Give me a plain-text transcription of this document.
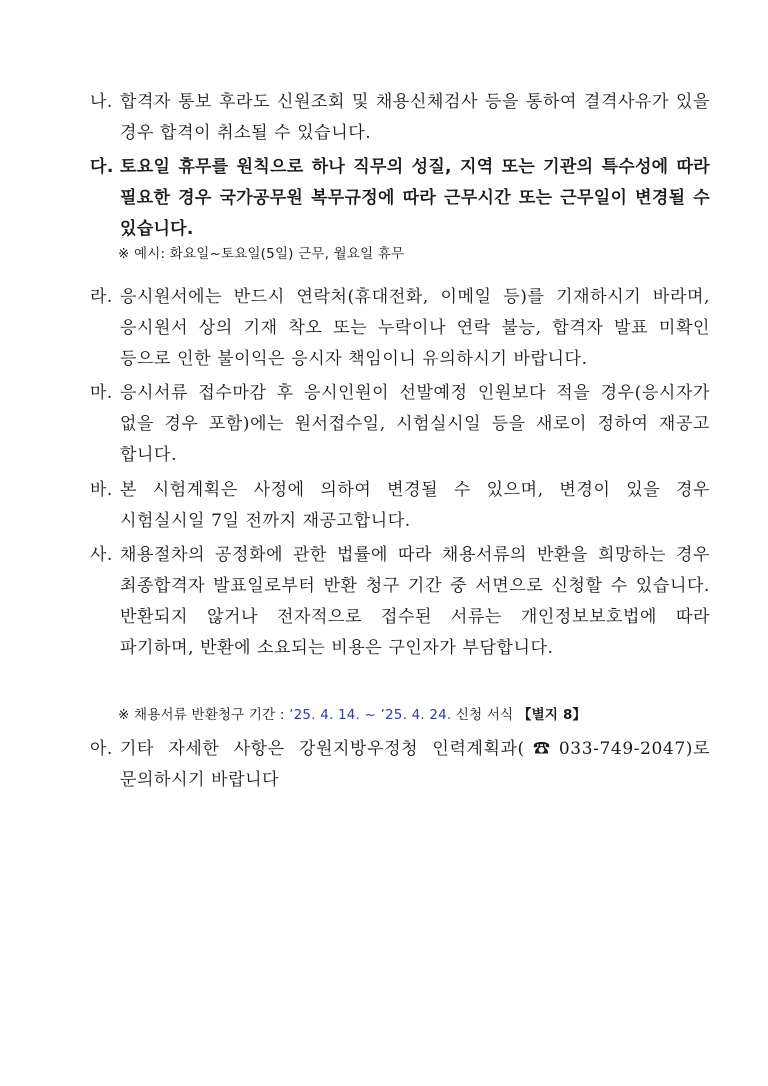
나. 합격자 통보 후라도 신원조회 및 채용신체검사 등을 통하여 결격사유가 있을 경우 합격이 취소될 수 있습니다.
다. 토요일 휴무를 원칙으로 하나 직무의 성질, 지역 또는 기관의 특수성에 따라 필요한 경우 국가공무원 복무규정에 따라 근무시간 또는 근무일이 변경될 수 있습니다.
※ 예시: 화요일~토요일(5일) 근무, 월요일 휴무
라. 응시원서에는 반드시 연락처(휴대전화, 이메일 등)를 기재하시기 바라며, 응시원서 상의 기재 착오 또는 누락이나 연락 불능, 합격자 발표 미확인 등으로 인한 불이익은 응시자 책임이니 유의하시기 바랍니다.
마. 응시서류 접수마감 후 응시인원이 선발예정 인원보다 적을 경우(응시자가 없을 경우 포함)에는 원서접수일, 시험실시일 등을 새로이 정하여 재공고 합니다.
바. 본 시험계획은 사정에 의하여 변경될 수 있으며, 변경이 있을 경우 시험실시일 7일 전까지 재공고합니다.
사. 채용절차의 공정화에 관한 법률에 따라 채용서류의 반환을 희망하는 경우 최종합격자 발표일로부터 반환 청구 기간 중 서면으로 신청할 수 있습니다. 반환되지 않거나 전자적으로 접수된 서류는 개인정보보호법에 따라 파기하며, 반환에 소요되는 비용은 구인자가 부담합니다.
※ 채용서류 반환청구 기간 : ’25. 4. 14. ~ ’25. 4. 24. 신청 서식 【별지 8】
아. 기타 자세한 사항은 강원지방우정청 인력계획과(☎033-749-2047)로 문의하시기 바랍니다
